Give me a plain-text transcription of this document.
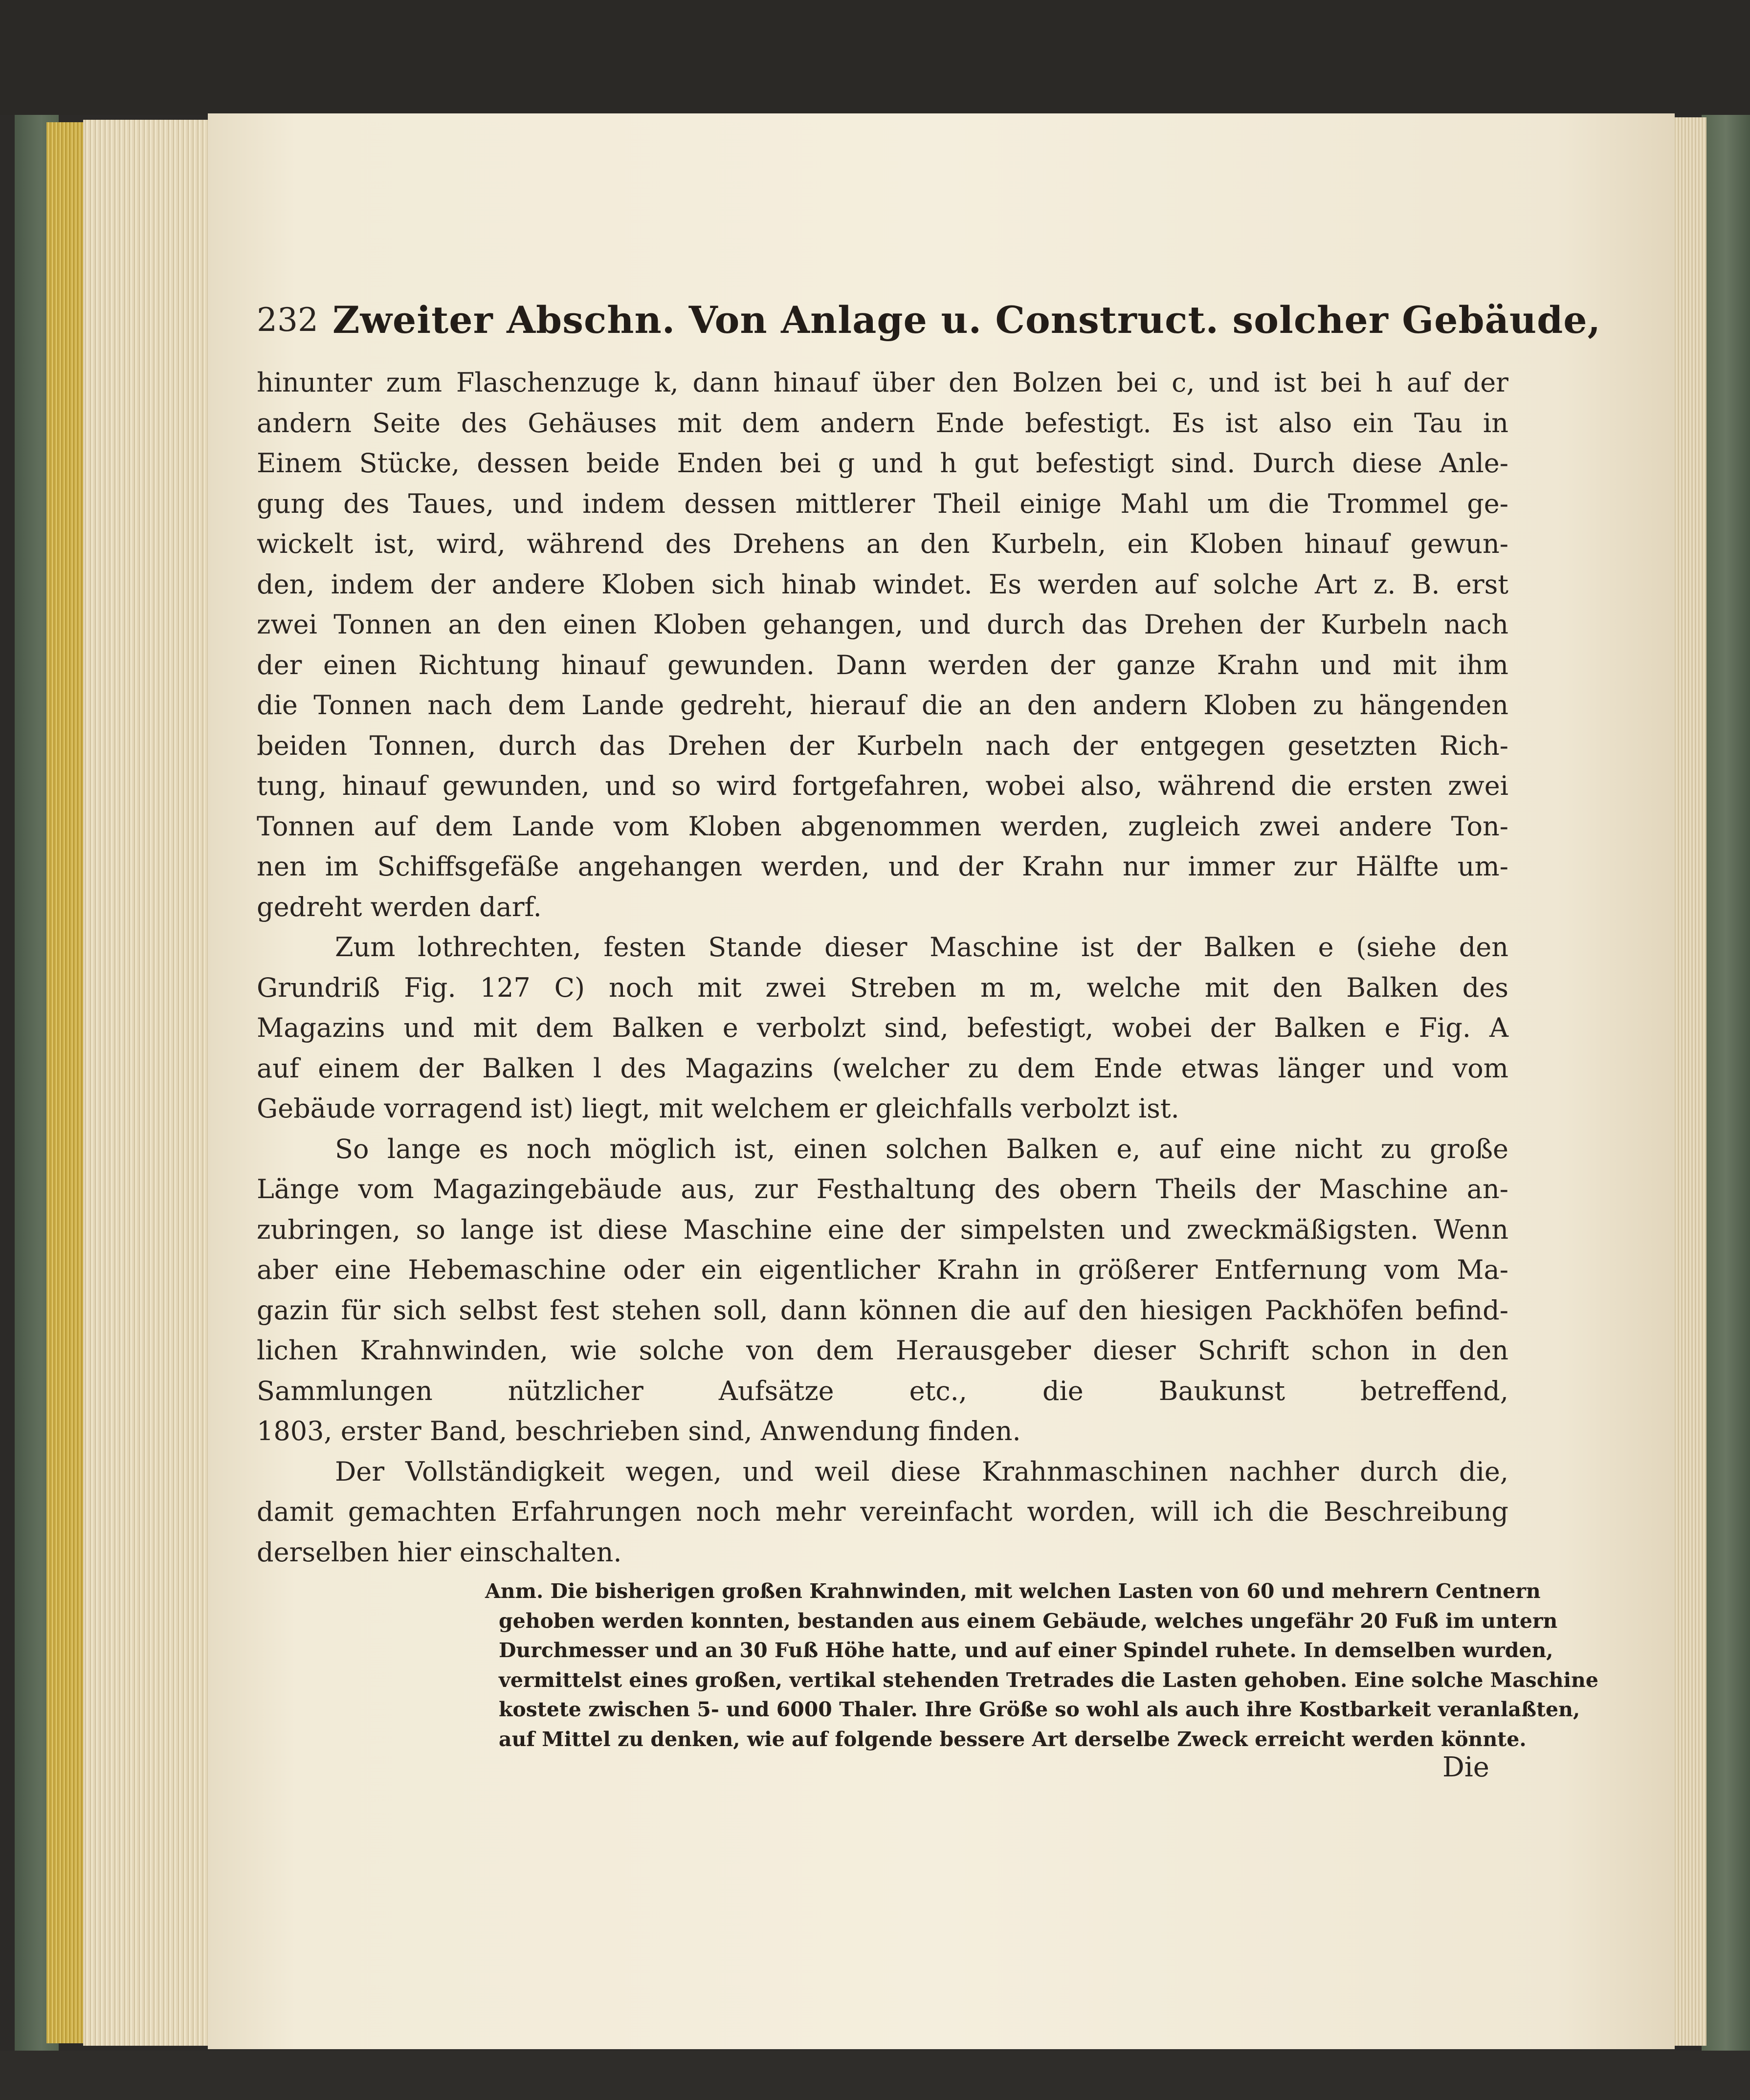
232 Zweiter Abschn. Von Anlage u. Construct. solcher Gebäude,
hinunter zum Flaschenzuge k, dann hinauf über den Bolzen bei c, und ist bei h auf der
andern Seite des Gehäuses mit dem andern Ende befestigt. Es ist also ein Tau in
Einem Stücke, dessen beide Enden bei g und h gut befestigt sind. Durch diese Anle-
gung des Taues, und indem dessen mittlerer Theil einige Mahl um die Trommel ge-
wickelt ist, wird, während des Drehens an den Kurbeln, ein Kloben hinauf gewun-
den, indem der andere Kloben sich hinab windet. Es werden auf solche Art z. B. erst
zwei Tonnen an den einen Kloben gehangen, und durch das Drehen der Kurbeln nach
der einen Richtung hinauf gewunden. Dann werden der ganze Krahn und mit ihm
die Tonnen nach dem Lande gedreht, hierauf die an den andern Kloben zu hängenden
beiden Tonnen, durch das Drehen der Kurbeln nach der entgegen gesetzten Rich-
tung, hinauf gewunden, und so wird fortgefahren, wobei also, während die ersten zwei
Tonnen auf dem Lande vom Kloben abgenommen werden, zugleich zwei andere Ton-
nen im Schiffsgefäße angehangen werden, und der Krahn nur immer zur Hälfte um-
gedreht werden darf.
Zum lothrechten, festen Stande dieser Maschine ist der Balken e (siehe den
Grundriß Fig. 127 C) noch mit zwei Streben m m, welche mit den Balken des
Magazins und mit dem Balken e verbolzt sind, befestigt, wobei der Balken e Fig. A
auf einem der Balken l des Magazins (welcher zu dem Ende etwas länger und vom
Gebäude vorragend ist) liegt, mit welchem er gleichfalls verbolzt ist.
So lange es noch möglich ist, einen solchen Balken e, auf eine nicht zu große
Länge vom Magazingebäude aus, zur Festhaltung des obern Theils der Maschine an-
zubringen, so lange ist diese Maschine eine der simpelsten und zweckmäßigsten. Wenn
aber eine Hebemaschine oder ein eigentlicher Krahn in größerer Entfernung vom Ma-
gazin für sich selbst fest stehen soll, dann können die auf den hiesigen Packhöfen befind-
lichen Krahnwinden, wie solche von dem Herausgeber dieser Schrift schon in den
Sammlungen nützlicher Aufsätze etc., die Baukunst betreffend,
1803, erster Band, beschrieben sind, Anwendung finden.
Der Vollständigkeit wegen, und weil diese Krahnmaschinen nachher durch die,
damit gemachten Erfahrungen noch mehr vereinfacht worden, will ich die Beschreibung
derselben hier einschalten.
Anm. Die bisherigen großen Krahnwinden, mit welchen Lasten von 60 und mehrern Centnern
gehoben werden konnten, bestanden aus einem Gebäude, welches ungefähr 20 Fuß im untern
Durchmesser und an 30 Fuß Höhe hatte, und auf einer Spindel ruhete. In demselben wurden,
vermittelst eines großen, vertikal stehenden Tretrades die Lasten gehoben. Eine solche Maschine
kostete zwischen 5- und 6000 Thaler. Ihre Größe so wohl als auch ihre Kostbarkeit veranlaßten,
auf Mittel zu denken, wie auf folgende bessere Art derselbe Zweck erreicht werden könnte.
Die
